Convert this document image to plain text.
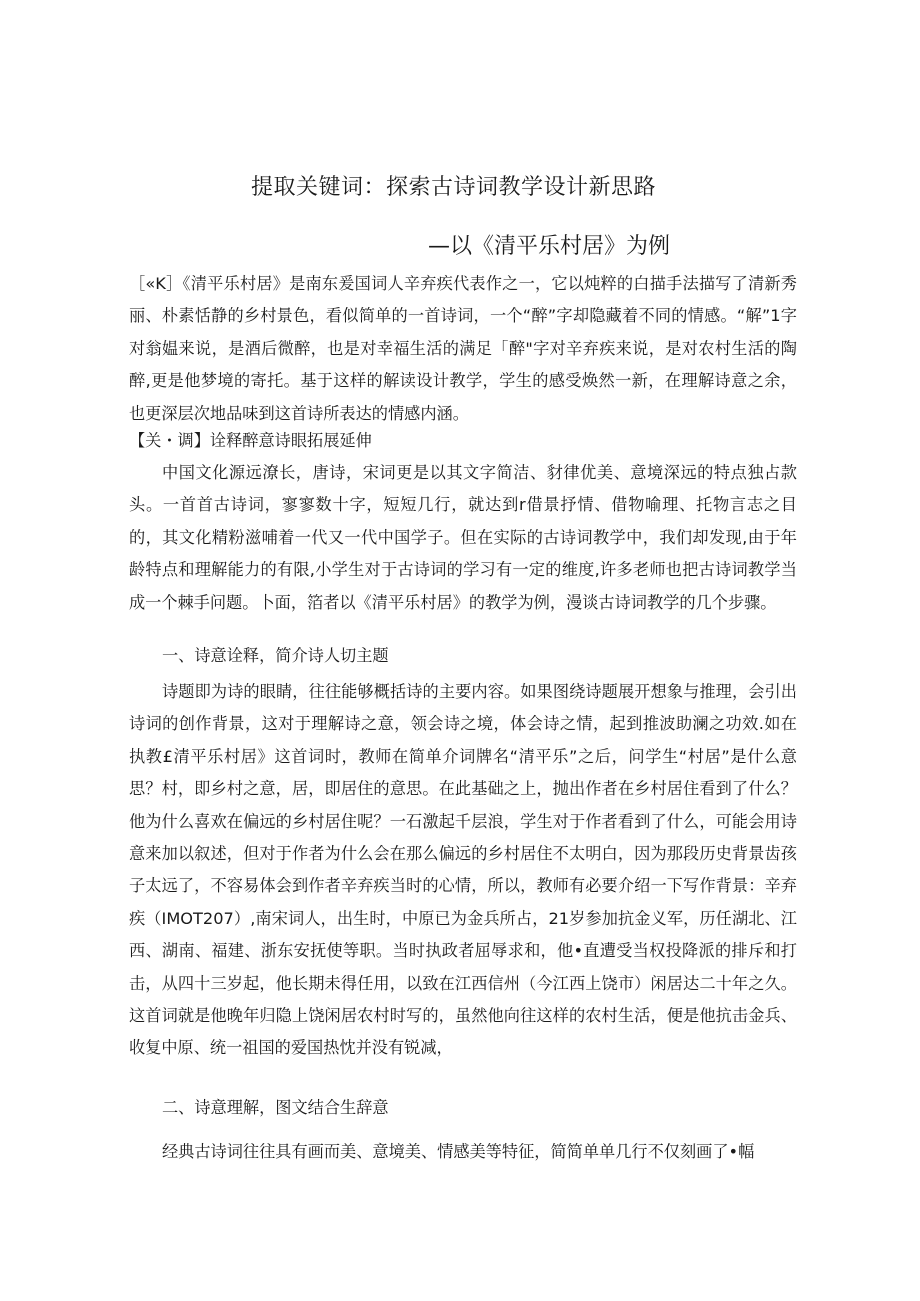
提取关键词：探索古诗词教学设计新思路
—以《清平乐村居》为例

［«K］《清平乐村居》是南东爰国词人辛弃疾代表作之一，它以炖粹的白描手法描写了清新秀丽、朴素恬静的乡村景色，看似简单的一首诗词，一个“醉”字却隐藏着不同的情感。“解”1字对翁媪来说，是酒后微醉，也是对幸福生活的满足「醉"字对辛弃疾来说，是对农村生活的陶醉,更是他梦境的寄托。基于这样的解读设计教学，学生的感受焕然一新，在理解诗意之余，也更深层次地品味到这首诗所表达的情感内涵。

【关・调】诠释醉意诗眼拓展延伸

中国文化源远潦长，唐诗，宋词更是以其文字简洁、豺律优美、意境深远的特点独占款头。一首首古诗词，寥寥数十字，短短几行，就达到r借景抒情、借物喻理、托物言志之目的，其文化精粉滋哺着一代又一代中国学子。但在实际的古诗词教学中，我们却发现,由于年龄特点和理解能力的有限,小学生对于古诗词的学习有一定的维度,许多老师也把古诗词教学当成一个棘手问题。卜面，箔者以《清平乐村居》的教学为例，漫谈古诗词教学的几个步骤。

一、诗意诠释，简介诗人切主题

诗题即为诗的眼睛，往往能够概括诗的主要内容。如果图绕诗题展开想象与推理，会引出诗词的创作背景，这对于理解诗之意，领会诗之境，体会诗之情，起到推波助澜之功效.如在执教£清平乐村居》这首词时，教师在简单介词牌名“清平乐”之后，问学生“村居”是什么意思？村，即乡村之意，居，即居住的意思。在此基础之上，抛出作者在乡村居住看到了什么？他为什么喜欢在偏远的乡村居住呢？一石激起千层浪，学生对于作者看到了什么，可能会用诗意来加以叙述，但对于作者为什么会在那么偏远的乡村居住不太明白，因为那段历史背景齿孩子太远了，不容易体会到作者辛弃疾当时的心情，所以，教师有必要介绍一下写作背景：辛弃疾（IMOT207）,南宋词人，出生时，中原已为金兵所占，21岁参加抗金义军，历任湖北、江西、湖南、福建、浙东安抚使等职。当时执政者屈辱求和，他•直遭受当权投降派的排斥和打击，从四十三岁起，他长期未得任用，以致在江西信州（今江西上饶市）闲居达二十年之久。这首词就是他晚年归隐上饶闲居农村时写的，虽然他向往这样的农村生活，便是他抗击金兵、收复中原、统一祖国的爱国热忱并没有锐减，

二、诗意理解，图文结合生辞意

经典古诗词往往具有画而美、意境美、情感美等特征，简简单单几行不仅刻画了•幅
